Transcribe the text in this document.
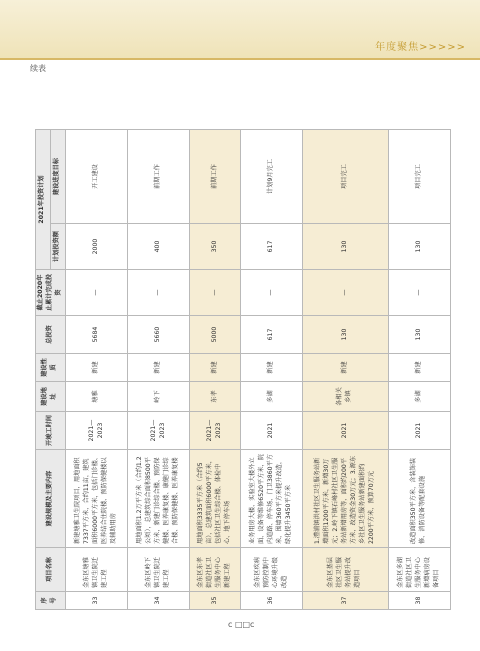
年度聚焦>>>>>
续表
序号	项目名称	建设规模及主要内容	开竣工时间	建设地址	建设性质	总投资	截止2020年止累计完成投资	2021年投资计划	
								计划投资额	建设进度目标
33	金东区塘雅镇卫生院迁建工程	新建塘雅卫生院项目，用地面积7337平方米，合约11亩，建筑面积6000平方米，包括门诊楼、医养结合住院楼、预防保健楼以及辅助用房	2021—2023	塘雅	新建	5684	—	2000	开工建设
34	金东区岭下镇卫生院迁建工程	用地面积1.2万平方米（合约1.2公顷），总建筑综合面积8500平方米，新建门诊综合楼、预防保健楼、医养康复楼、康健门诊综合楼、预防保健楼、医养康复楼	2021—2023	岭下	新建	5660	—	400	前期工作
35	金东区东孝街道社区卫生服务中心新建工程	用地面积3335平方米（合约5亩），总建筑面积6000平方米，包括社区卫生综合楼、体检中心、地下停车场	2021—2023	东孝	新建	5000	—	350	前期工作
36	金东区疾病预防控制中心环境升级改造	业务用房大楼、实验室大楼外立面、设备等维修6520平方米，院内道路、停车场、门卫3860平方米，围墙360平方米提升改造，绿化提升3450平方米	2021	多湖	新建	617	—	617	计划9月完工
37	金东区基层社区卫生服务站提升改造项目	1.澧浦镇洪村社区卫生服务站新增面积1200平方米，新增30万元；2.岭下镇石峰村社区卫生服务站新增用房等，面积约200平方米，改造资金30万元；3.源东乡社区卫生服务站新建面积约2200平方米，预算70万元	2021	各相关乡镇	新建	130	—	130	项目完工
38	金东区多湖街道社区卫生服务中心新增病房设备项目	改造面积350平方米，含装饰装修、消防设备等配套设施	2021	多湖	新建	130	—	130	项目完工
c □□c
